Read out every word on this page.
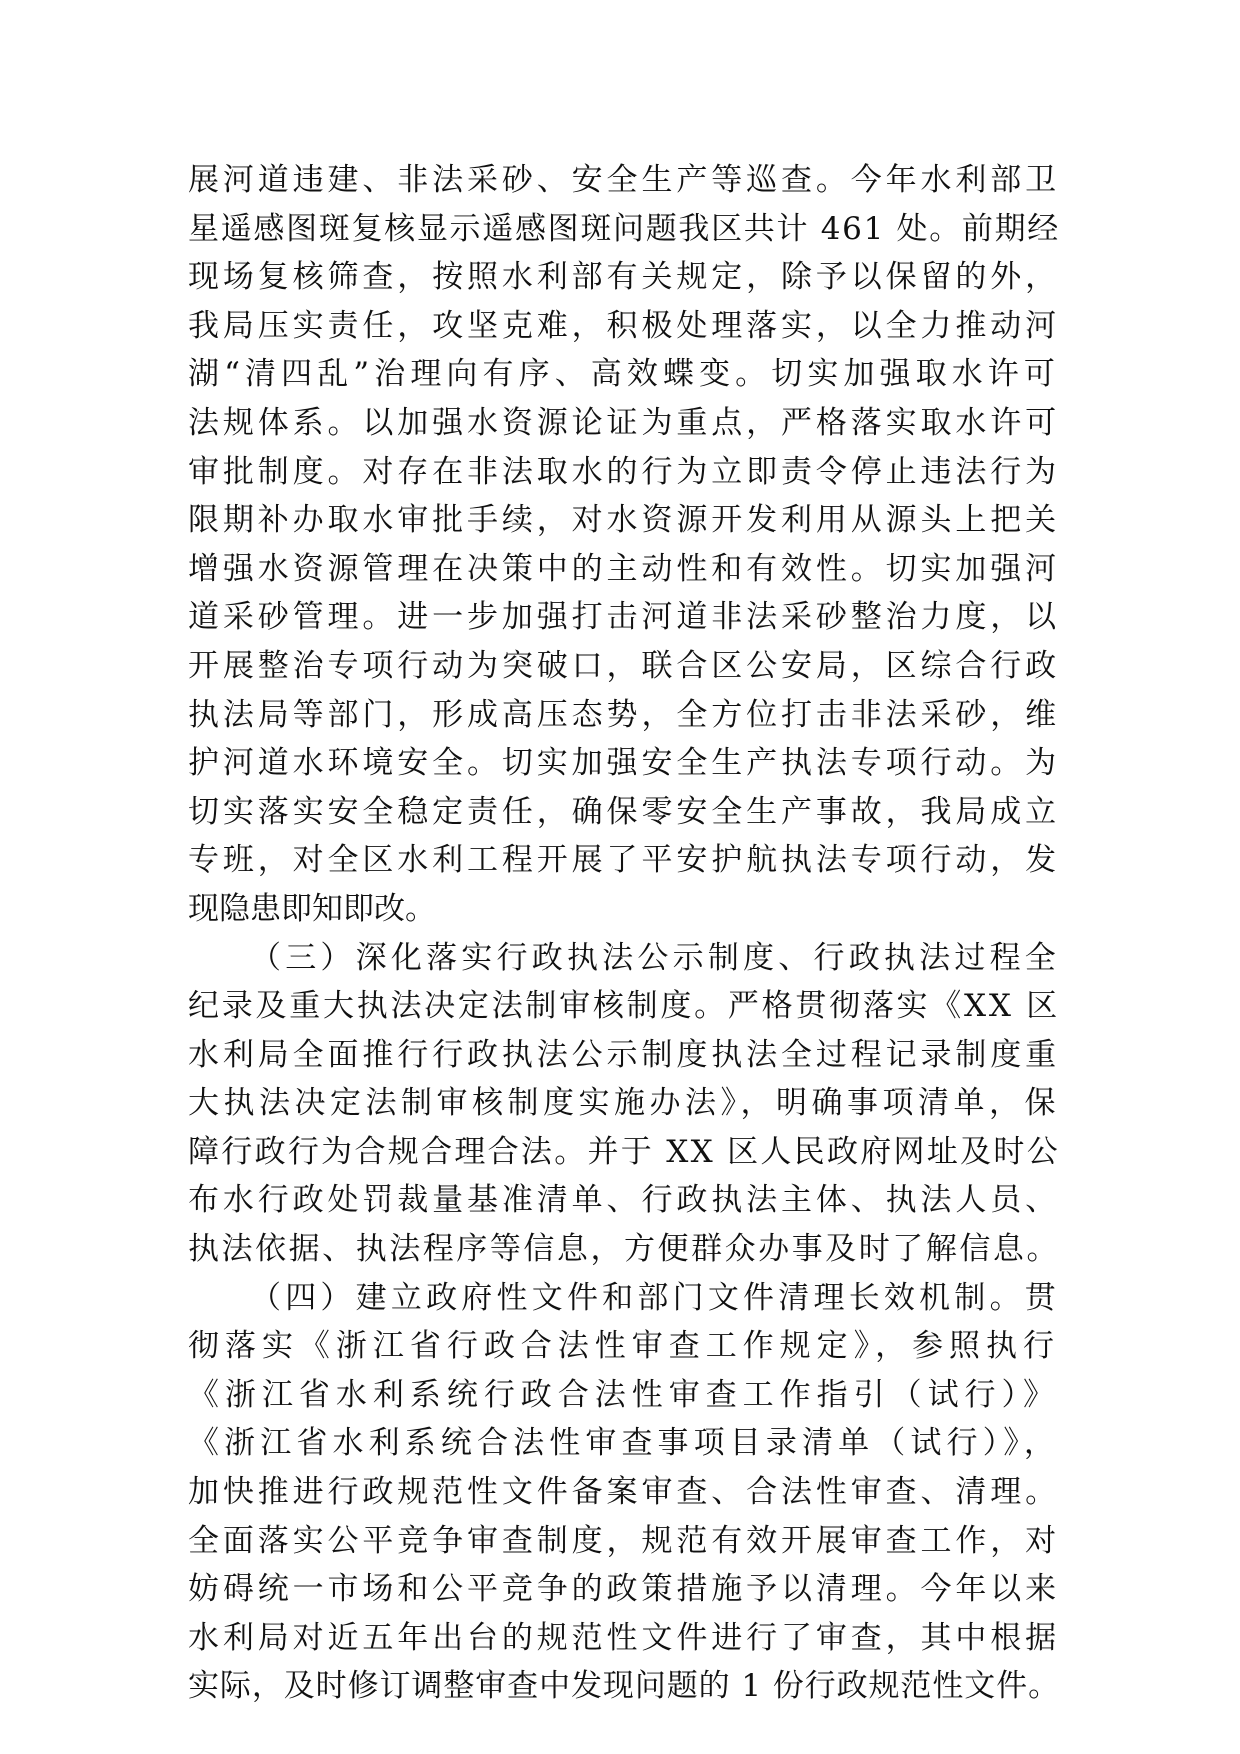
展河道违建、非法采砂、安全生产等巡查。今年水利部卫
星遥感图斑复核显示遥感图斑问题我区共计 461 处。前期经
现场复核筛查，按照水利部有关规定，除予以保留的外，
我局压实责任，攻坚克难，积极处理落实，以全力推动河
湖“清四乱”治理向有序、高效蝶变。切实加强取水许可
法规体系。以加强水资源论证为重点，严格落实取水许可
审批制度。对存在非法取水的行为立即责令停止违法行为
限期补办取水审批手续，对水资源开发利用从源头上把关
增强水资源管理在决策中的主动性和有效性。切实加强河
道采砂管理。进一步加强打击河道非法采砂整治力度，以
开展整治专项行动为突破口，联合区公安局，区综合行政
执法局等部门，形成高压态势，全方位打击非法采砂，维
护河道水环境安全。切实加强安全生产执法专项行动。为
切实落实安全稳定责任，确保零安全生产事故，我局成立
专班，对全区水利工程开展了平安护航执法专项行动，发
现隐患即知即改。
（三）深化落实行政执法公示制度、行政执法过程全
纪录及重大执法决定法制审核制度。严格贯彻落实《XX 区
水利局全面推行行政执法公示制度执法全过程记录制度重
大执法决定法制审核制度实施办法》，明确事项清单，保
障行政行为合规合理合法。并于 XX 区人民政府网址及时公
布水行政处罚裁量基准清单、行政执法主体、执法人员、
执法依据、执法程序等信息，方便群众办事及时了解信息。
（四）建立政府性文件和部门文件清理长效机制。贯
彻落实《浙江省行政合法性审查工作规定》，参照执行
《浙江省水利系统行政合法性审查工作指引（试行）》
《浙江省水利系统合法性审查事项目录清单（试行）》，
加快推进行政规范性文件备案审查、合法性审查、清理。
全面落实公平竞争审查制度，规范有效开展审查工作，对
妨碍统一市场和公平竞争的政策措施予以清理。今年以来
水利局对近五年出台的规范性文件进行了审查，其中根据
实际，及时修订调整审查中发现问题的 1 份行政规范性文件。
